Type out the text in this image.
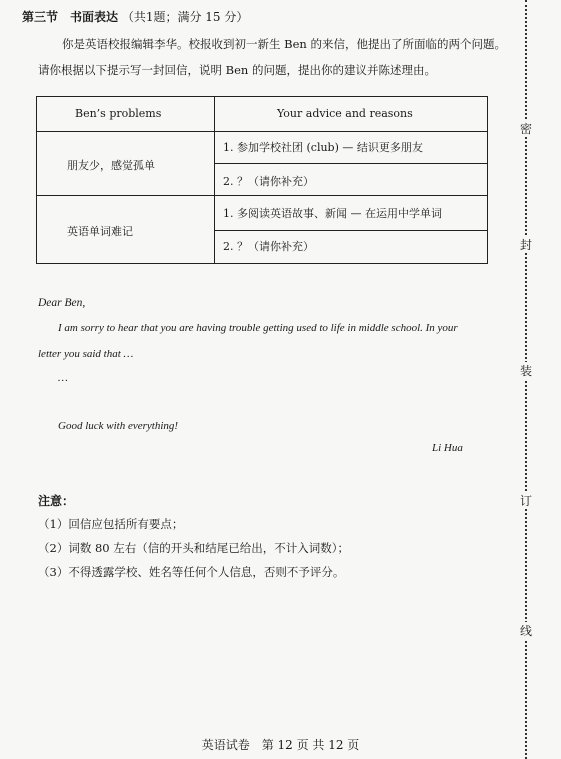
第三节　书面表达 （共1题；满分 15 分）
你是英语校报编辑李华。校报收到初一新生 Ben 的来信，他提出了所面临的两个问题。
请你根据以下提示写一封回信，说明 Ben 的问题，提出你的建议并陈述理由。
Ben’s problems	Your advice and reasons
朋友少，感觉孤单
1. 参加学校社团 (club) — 结识更多朋友
2. ？（请你补充）
英语单词难记
1. 多阅读英语故事、新闻 — 在运用中学单词
2. ？（请你补充）
Dear Ben,
I am sorry to hear that you are having trouble getting used to life in middle school. In your
letter you said that …
…
Good luck with everything!
Li Hua
注意：
（1）回信应包括所有要点；
（2）词数 80 左右（信的开头和结尾已给出，不计入词数）；
（3）不得透露学校、姓名等任何个人信息，否则不予评分。
英语试卷　第 12 页 共 12 页
密
封
装
订
线
